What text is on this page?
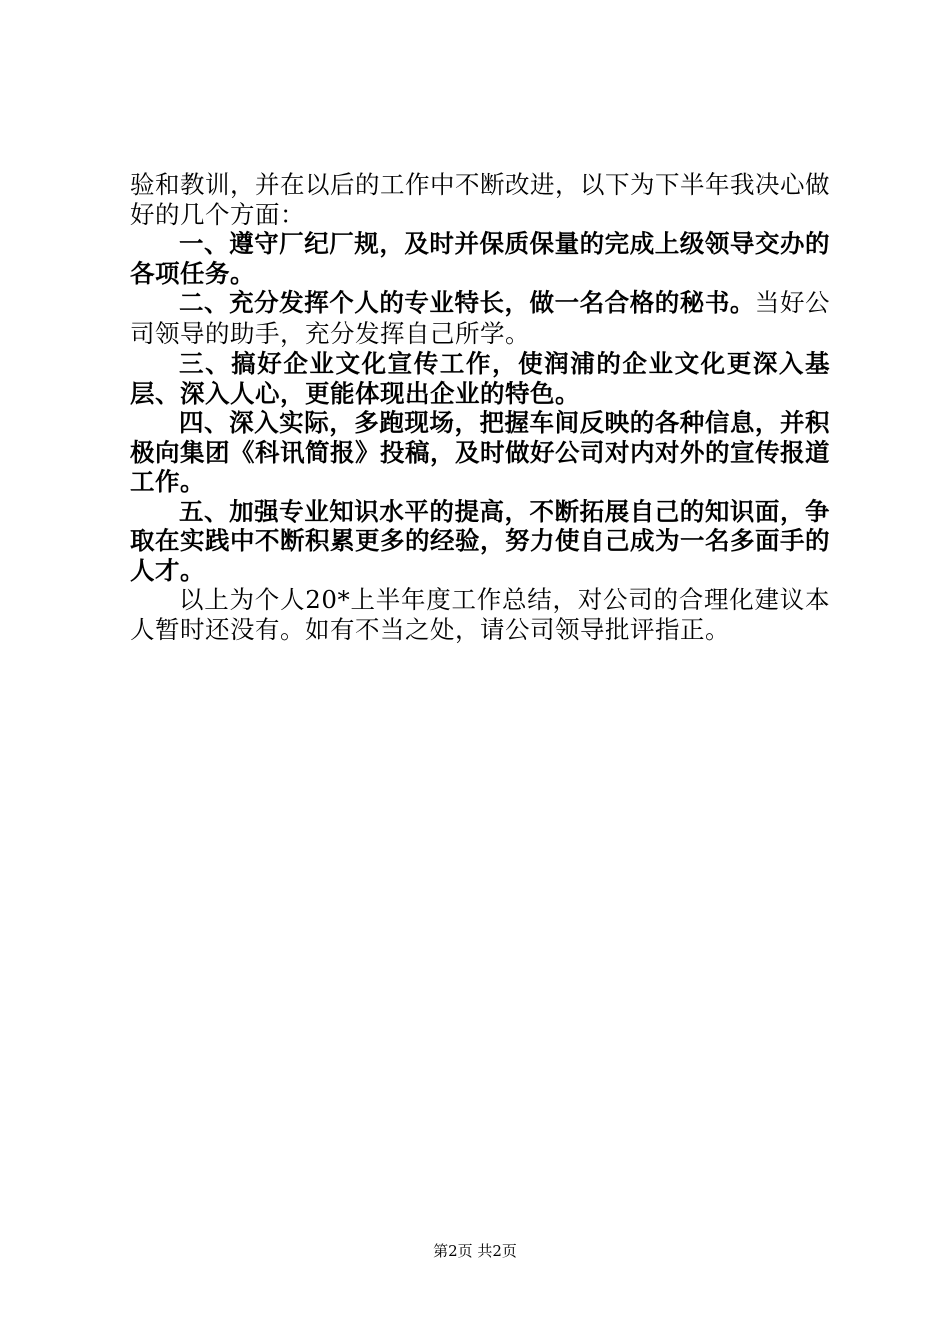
验和教训，并在以后的工作中不断改进，以下为下半年我决心做好的几个方面：

一、遵守厂纪厂规，及时并保质保量的完成上级领导交办的各项任务。

二、充分发挥个人的专业特长，做一名合格的秘书。当好公司领导的助手，充分发挥自己所学。

三、搞好企业文化宣传工作，使润浦的企业文化更深入基层、深入人心，更能体现出企业的特色。

四、深入实际，多跑现场，把握车间反映的各种信息，并积极向集团《科讯简报》投稿，及时做好公司对内对外的宣传报道工作。

五、加强专业知识水平的提高，不断拓展自己的知识面，争取在实践中不断积累更多的经验，努力使自己成为一名多面手的人才。

以上为个人20*上半年度工作总结，对公司的合理化建议本人暂时还没有。如有不当之处，请公司领导批评指正。

第2页 共2页
